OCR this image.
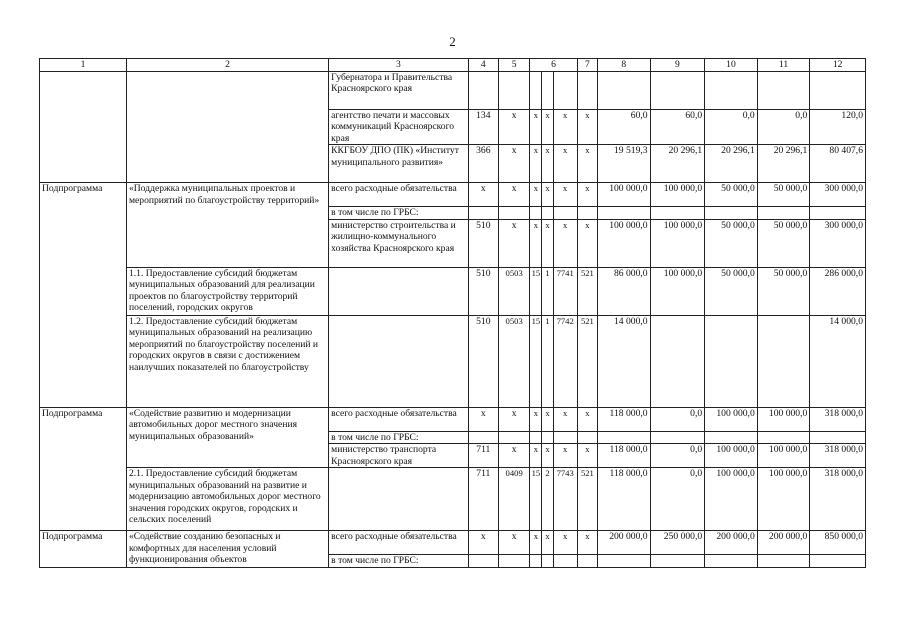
2
1	2	3	4	5	6			7	8	9	10	11	12
		Губернатора и Правительства Красноярского края											
		агентство печати и массовых коммуникаций Красноярского края	134	x	x	x	x	x	60,0	60,0	0,0	0,0	120,0
		ККГБОУ ДПО (ПК) «Институт муниципального развития»	366	x	x	x	x	x	19 519,3	20 296,1	20 296,1	20 296,1	80 407,6
Подпрограмма	«Поддержка муниципальных проектов и мероприятий по благоустройству территорий»	всего расходные обязательства	x	x	x	x	x	x	100 000,0	100 000,0	50 000,0	50 000,0	300 000,0
		в том числе по ГРБС:											
		министерство строительства и жилищно-коммунального хозяйства Красноярского края	510	x	x	x	x	x	100 000,0	100 000,0	50 000,0	50 000,0	300 000,0
	1.1. Предоставление субсидий бюджетам муниципальных образований для реализации проектов по благоустройству территорий поселений, городских округов		510	0503	15	1	7741	521	86 000,0	100 000,0	50 000,0	50 000,0	286 000,0
	1.2. Предоставление субсидий бюджетам муниципальных образований на реализацию мероприятий по благоустройству поселений и городских округов в связи с достижением наилучших показателей по благоустройству		510	0503	15	1	7742	521	14 000,0				14 000,0
Подпрограмма	«Содействие развитию и модернизации автомобильных дорог местного значения муниципальных образований»	всего расходные обязательства	x	x	x	x	x	x	118 000,0	0,0	100 000,0	100 000,0	318 000,0
		в том числе по ГРБС:											
		министерство транспорта Красноярского края	711	x	x	x	x	x	118 000,0	0,0	100 000,0	100 000,0	318 000,0
	2.1. Предоставление субсидий бюджетам муниципальных образований на развитие и модернизацию автомобильных дорог местного значения городских округов, городских и сельских поселений		711	0409	15	2	7743	521	118 000,0	0,0	100 000,0	100 000,0	318 000,0
Подпрограмма	«Содействие созданию безопасных и комфортных для населения условий функционирования объектов	всего расходные обязательства	x	x	x	x	x	x	200 000,0	250 000,0	200 000,0	200 000,0	850 000,0
		в том числе по ГРБС:											
